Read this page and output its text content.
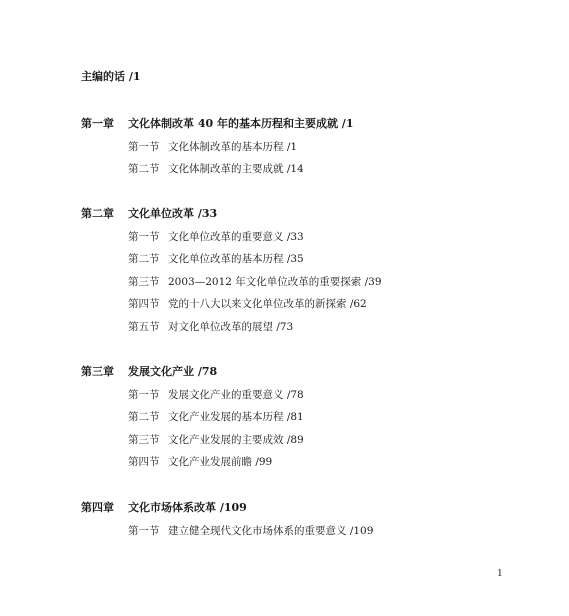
主编的话 /1
第一章 文化体制改革 40 年的基本历程和主要成就 /1
第一节 文化体制改革的基本历程 /1
第二节 文化体制改革的主要成就 /14
第二章 文化单位改革 /33
第一节 文化单位改革的重要意义 /33
第二节 文化单位改革的基本历程 /35
第三节 2003—2012 年文化单位改革的重要探索 /39
第四节 党的十八大以来文化单位改革的新探索 /62
第五节 对文化单位改革的展望 /73
第三章 发展文化产业 /78
第一节 发展文化产业的重要意义 /78
第二节 文化产业发展的基本历程 /81
第三节 文化产业发展的主要成效 /89
第四节 文化产业发展前瞻 /99
第四章 文化市场体系改革 /109
第一节 建立健全现代文化市场体系的重要意义 /109
1
